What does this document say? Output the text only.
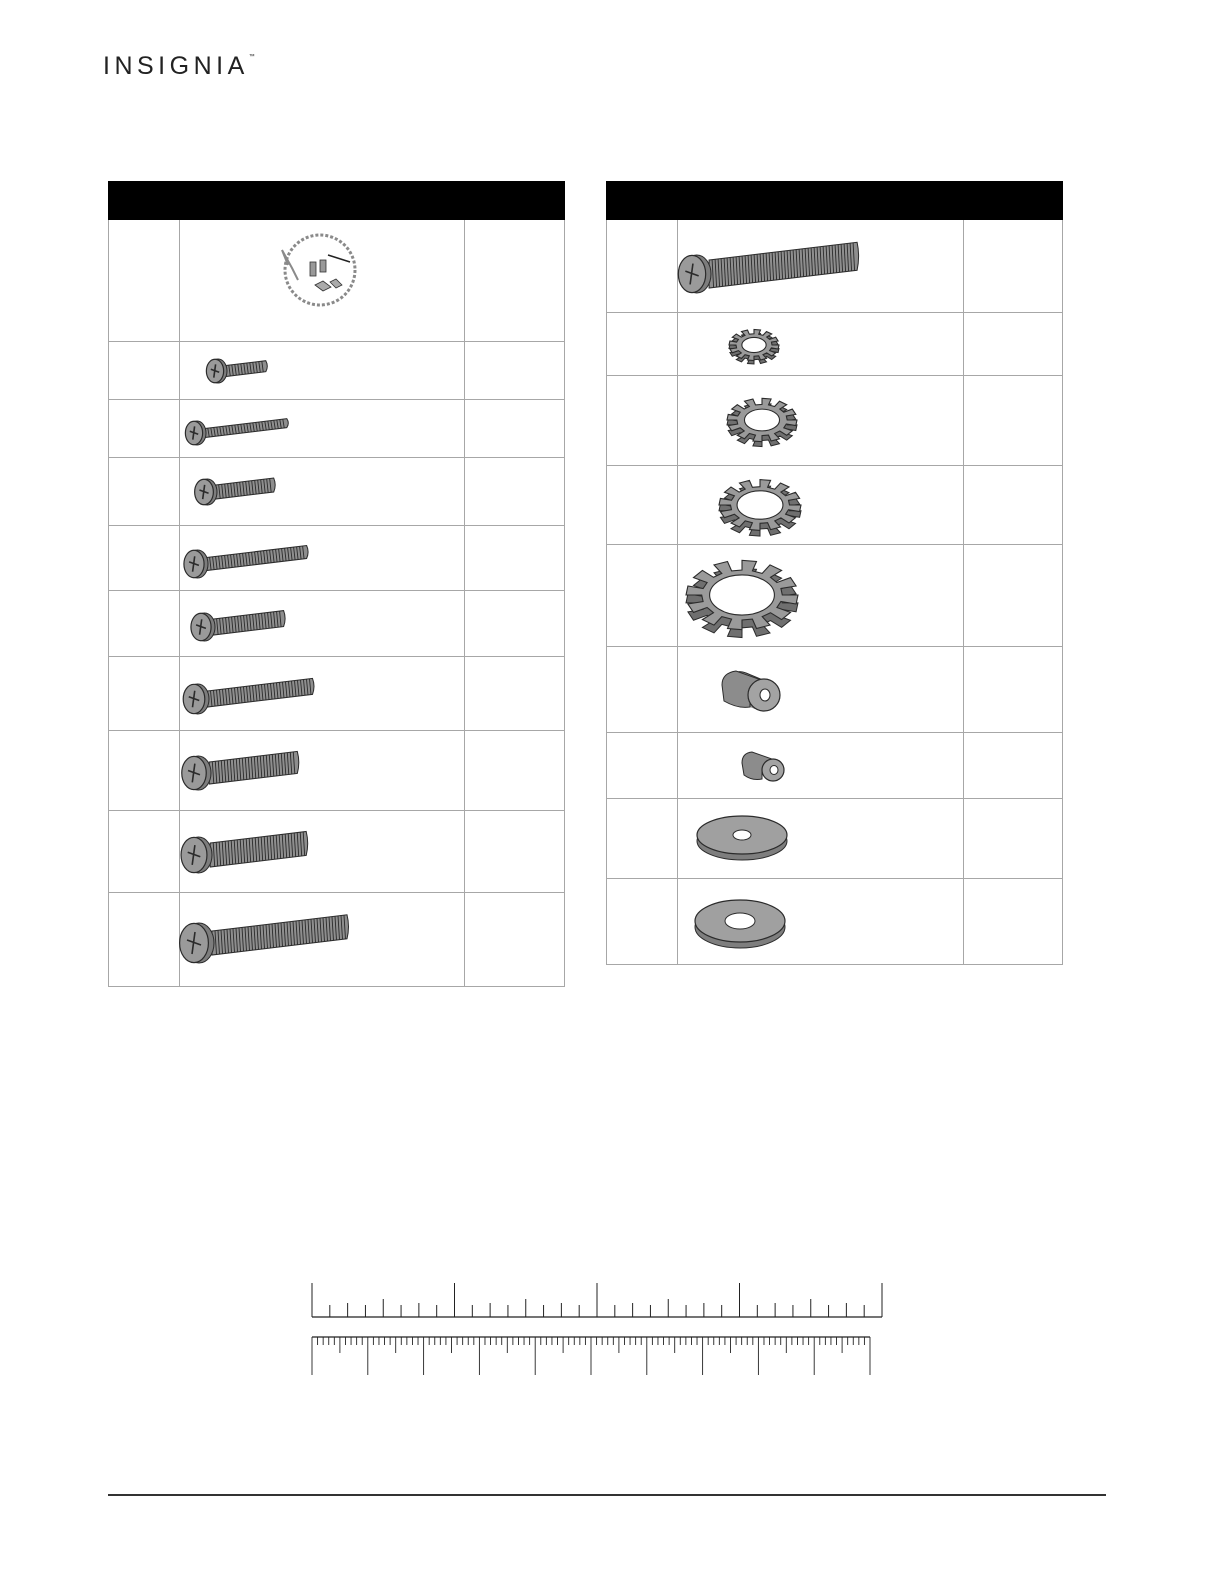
INSIGNIA™
